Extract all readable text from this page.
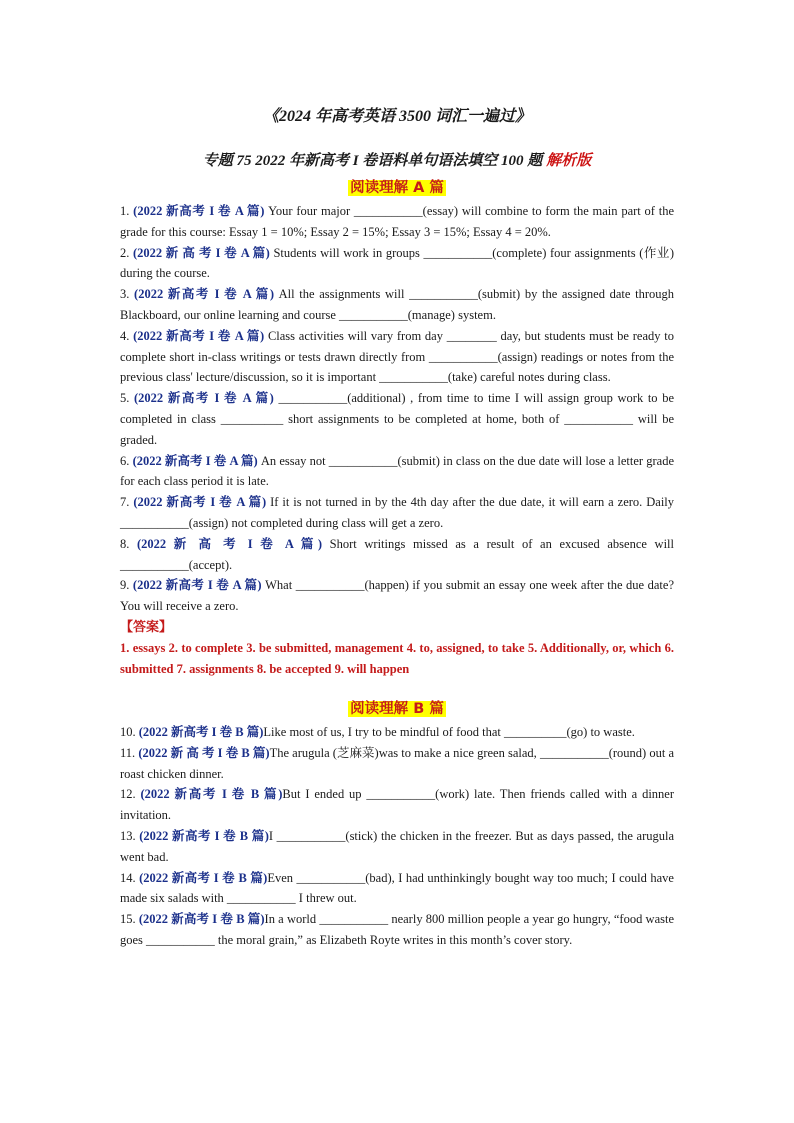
《2024 年高考英语 3500 词汇一遍过》
专题 75 2022 年新高考 I 卷语料单句语法填空 100 题 解析版
阅读理解 A 篇
1. (2022 新高考 I 卷 A 篇) Your four major ___________(essay) will combine to form the main part of the grade for this course: Essay 1 = 10%; Essay 2 = 15%; Essay 3 = 15%; Essay 4 = 20%.
2. (2022 新 高 考 I 卷 A 篇) Students will work in groups ___________(complete) four assignments (作业) during the course.
3. (2022 新高考 I 卷 A 篇) All the assignments will ___________(submit) by the assigned date through Blackboard, our online learning and course ___________(manage) system.
4. (2022 新高考 I 卷 A 篇) Class activities will vary from day ________ day, but students must be ready to complete short in-class writings or tests drawn directly from ___________(assign) readings or notes from the previous class' lecture/discussion, so it is important ___________(take) careful notes during class.
5. (2022 新高考 I 卷 A 篇) ___________(additional) , from time to time I will assign group work to be completed in class __________ short assignments to be completed at home, both of ___________ will be graded.
6. (2022 新高考 I 卷 A 篇) An essay not ___________(submit) in class on the due date will lose a letter grade for each class period it is late.
7. (2022 新高考 I 卷 A 篇) If it is not turned in by the 4th day after the due date, it will earn a zero. Daily ___________(assign) not completed during class will get a zero.
8. (2022 新 高 考 I 卷 A 篇) Short writings missed as a result of an excused absence will ___________(accept).
9. (2022 新高考 I 卷 A 篇) What ___________(happen) if you submit an essay one week after the due date? You will receive a zero.
【答案】
1. essays 2. to complete 3. be submitted, management 4. to, assigned, to take 5. Additionally, or, which 6. submitted 7. assignments 8. be accepted 9. will happen
阅读理解 B 篇
10. (2022 新高考 I 卷 B 篇)Like most of us, I try to be mindful of food that __________(go) to waste.
11. (2022 新 高 考 I 卷 B 篇)The arugula (芝麻菜)was to make a nice green salad, ___________(round) out a roast chicken dinner.
12. (2022 新高考 I 卷 B 篇)But I ended up ___________(work) late. Then friends called with a dinner invitation.
13. (2022 新高考 I 卷 B 篇)I ___________(stick) the chicken in the freezer. But as days passed, the arugula went bad.
14. (2022 新高考 I 卷 B 篇)Even ___________(bad), I had unthinkingly bought way too much; I could have made six salads with ___________ I threw out.
15. (2022 新高考 I 卷 B 篇)In a world ___________ nearly 800 million people a year go hungry, “food waste goes ___________ the moral grain,” as Elizabeth Royte writes in this month’s cover story.
